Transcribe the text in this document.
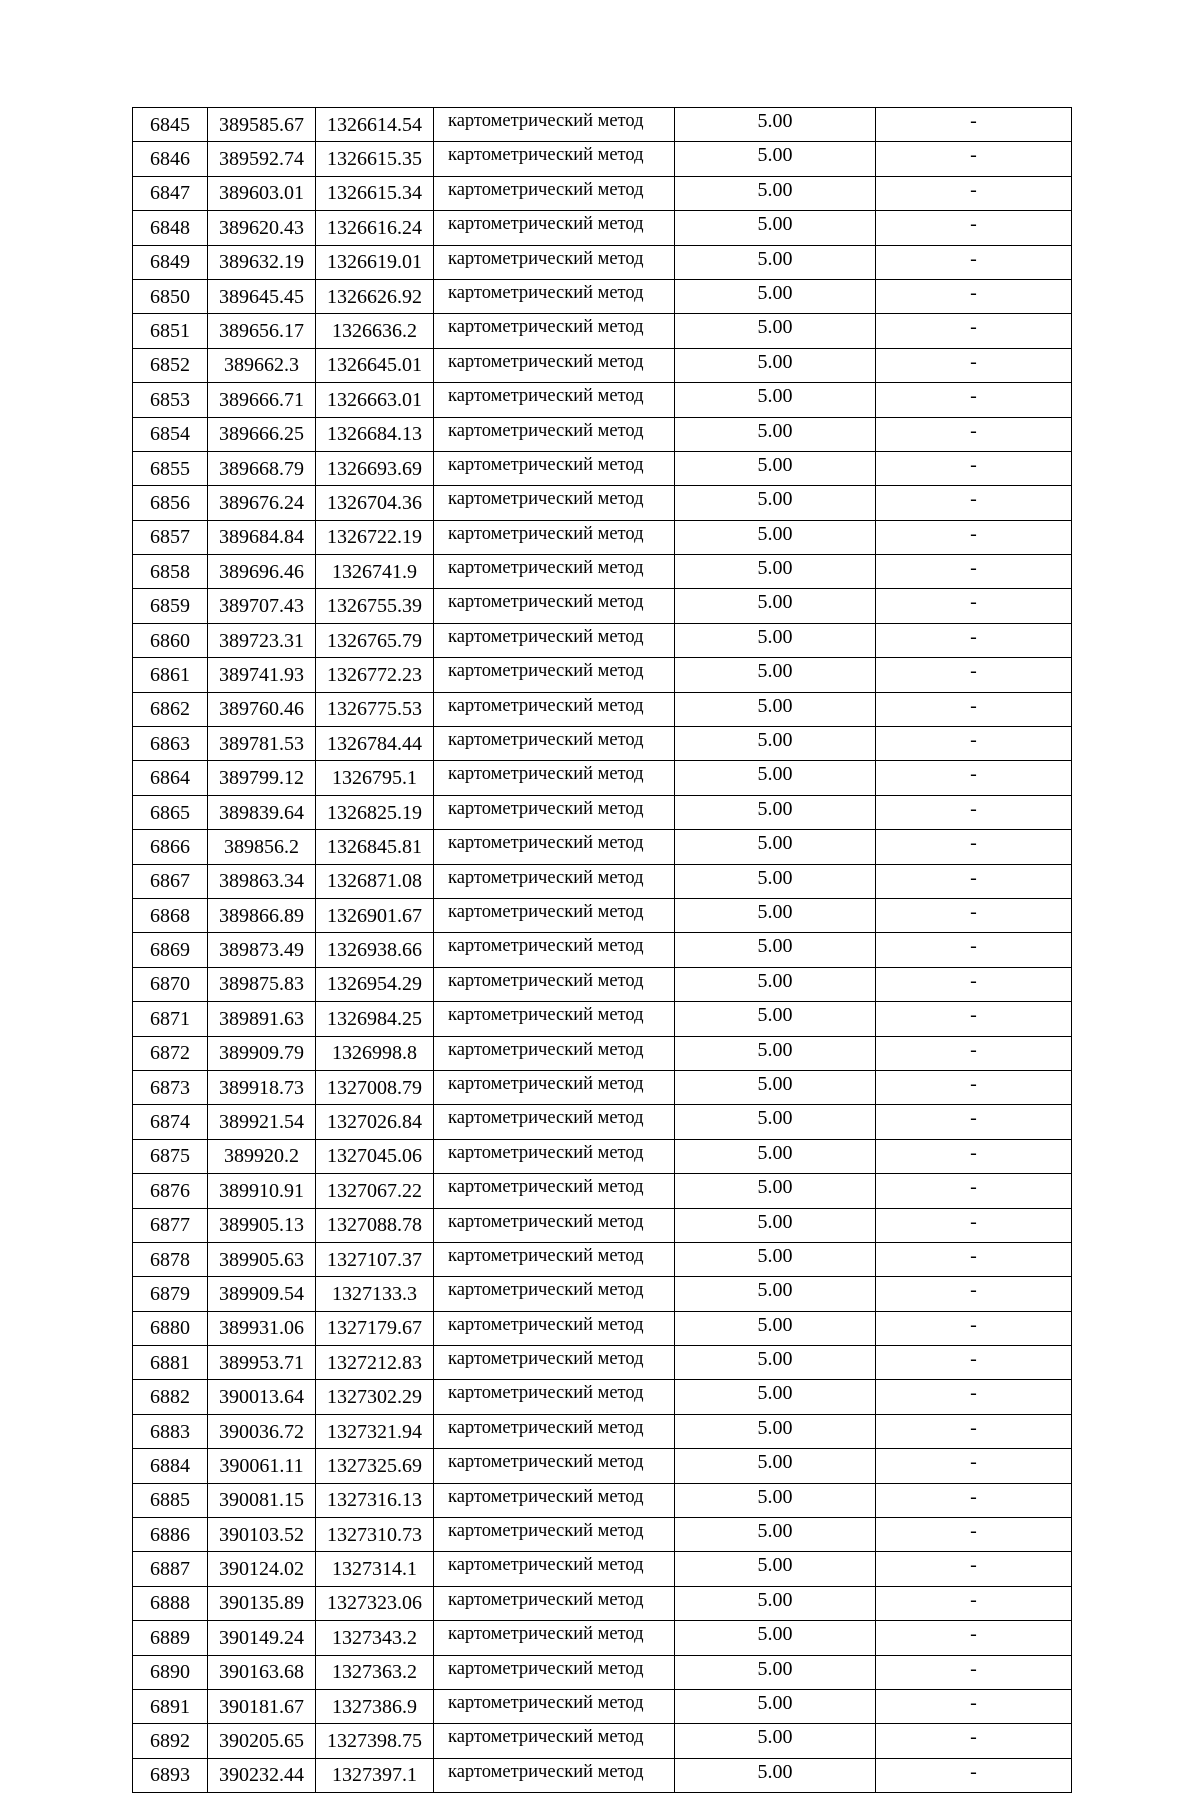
6845	389585.67	1326614.54	картометрический метод	5.00	-
6846	389592.74	1326615.35	картометрический метод	5.00	-
6847	389603.01	1326615.34	картометрический метод	5.00	-
6848	389620.43	1326616.24	картометрический метод	5.00	-
6849	389632.19	1326619.01	картометрический метод	5.00	-
6850	389645.45	1326626.92	картометрический метод	5.00	-
6851	389656.17	1326636.2	картометрический метод	5.00	-
6852	389662.3	1326645.01	картометрический метод	5.00	-
6853	389666.71	1326663.01	картометрический метод	5.00	-
6854	389666.25	1326684.13	картометрический метод	5.00	-
6855	389668.79	1326693.69	картометрический метод	5.00	-
6856	389676.24	1326704.36	картометрический метод	5.00	-
6857	389684.84	1326722.19	картометрический метод	5.00	-
6858	389696.46	1326741.9	картометрический метод	5.00	-
6859	389707.43	1326755.39	картометрический метод	5.00	-
6860	389723.31	1326765.79	картометрический метод	5.00	-
6861	389741.93	1326772.23	картометрический метод	5.00	-
6862	389760.46	1326775.53	картометрический метод	5.00	-
6863	389781.53	1326784.44	картометрический метод	5.00	-
6864	389799.12	1326795.1	картометрический метод	5.00	-
6865	389839.64	1326825.19	картометрический метод	5.00	-
6866	389856.2	1326845.81	картометрический метод	5.00	-
6867	389863.34	1326871.08	картометрический метод	5.00	-
6868	389866.89	1326901.67	картометрический метод	5.00	-
6869	389873.49	1326938.66	картометрический метод	5.00	-
6870	389875.83	1326954.29	картометрический метод	5.00	-
6871	389891.63	1326984.25	картометрический метод	5.00	-
6872	389909.79	1326998.8	картометрический метод	5.00	-
6873	389918.73	1327008.79	картометрический метод	5.00	-
6874	389921.54	1327026.84	картометрический метод	5.00	-
6875	389920.2	1327045.06	картометрический метод	5.00	-
6876	389910.91	1327067.22	картометрический метод	5.00	-
6877	389905.13	1327088.78	картометрический метод	5.00	-
6878	389905.63	1327107.37	картометрический метод	5.00	-
6879	389909.54	1327133.3	картометрический метод	5.00	-
6880	389931.06	1327179.67	картометрический метод	5.00	-
6881	389953.71	1327212.83	картометрический метод	5.00	-
6882	390013.64	1327302.29	картометрический метод	5.00	-
6883	390036.72	1327321.94	картометрический метод	5.00	-
6884	390061.11	1327325.69	картометрический метод	5.00	-
6885	390081.15	1327316.13	картометрический метод	5.00	-
6886	390103.52	1327310.73	картометрический метод	5.00	-
6887	390124.02	1327314.1	картометрический метод	5.00	-
6888	390135.89	1327323.06	картометрический метод	5.00	-
6889	390149.24	1327343.2	картометрический метод	5.00	-
6890	390163.68	1327363.2	картометрический метод	5.00	-
6891	390181.67	1327386.9	картометрический метод	5.00	-
6892	390205.65	1327398.75	картометрический метод	5.00	-
6893	390232.44	1327397.1	картометрический метод	5.00	-
